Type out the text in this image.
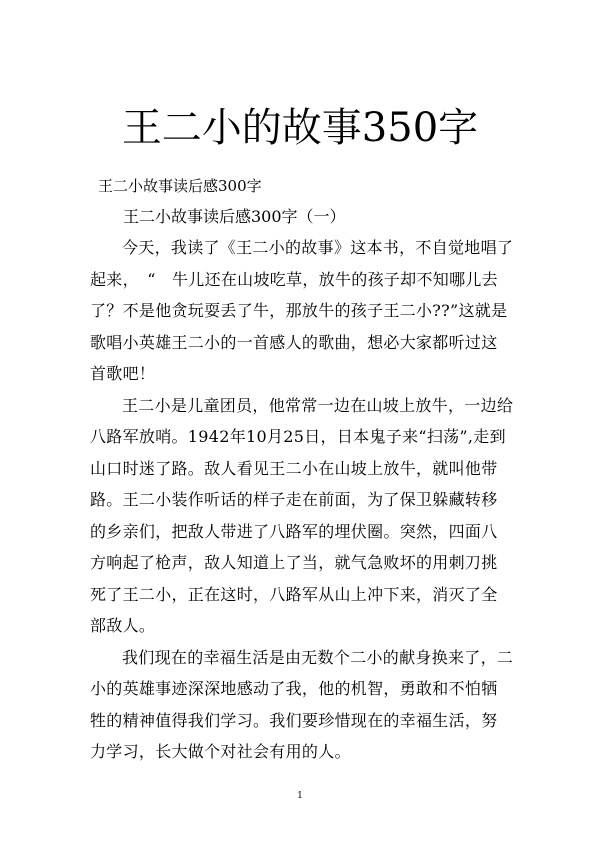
王二小的故事350字
王二小故事读后感300字
王二小故事读后感300字（一）
今天，我读了《王二小的故事》这本书，不自觉地唱了
起来，　“　牛儿还在山坡吃草，放牛的孩子却不知哪儿去
了？不是他贪玩耍丢了牛，那放牛的孩子王二小??”这就是
歌唱小英雄王二小的一首感人的歌曲，想必大家都听过这
首歌吧！
王二小是儿童团员，他常常一边在山坡上放牛，一边给
八路军放哨。1942年10月25日，日本鬼子来“扫荡”,走到
山口时迷了路。敌人看见王二小在山坡上放牛，就叫他带
路。王二小装作听话的样子走在前面，为了保卫躲藏转移
的乡亲们，把敌人带进了八路军的埋伏圈。突然，四面八
方响起了枪声，敌人知道上了当，就气急败坏的用刺刀挑
死了王二小，正在这时，八路军从山上冲下来，消灭了全
部敌人。
我们现在的幸福生活是由无数个二小的献身换来了，二
小的英雄事迹深深地感动了我，他的机智，勇敢和不怕牺
牲的精神值得我们学习。我们要珍惜现在的幸福生活，努
力学习，长大做个对社会有用的人。
1
